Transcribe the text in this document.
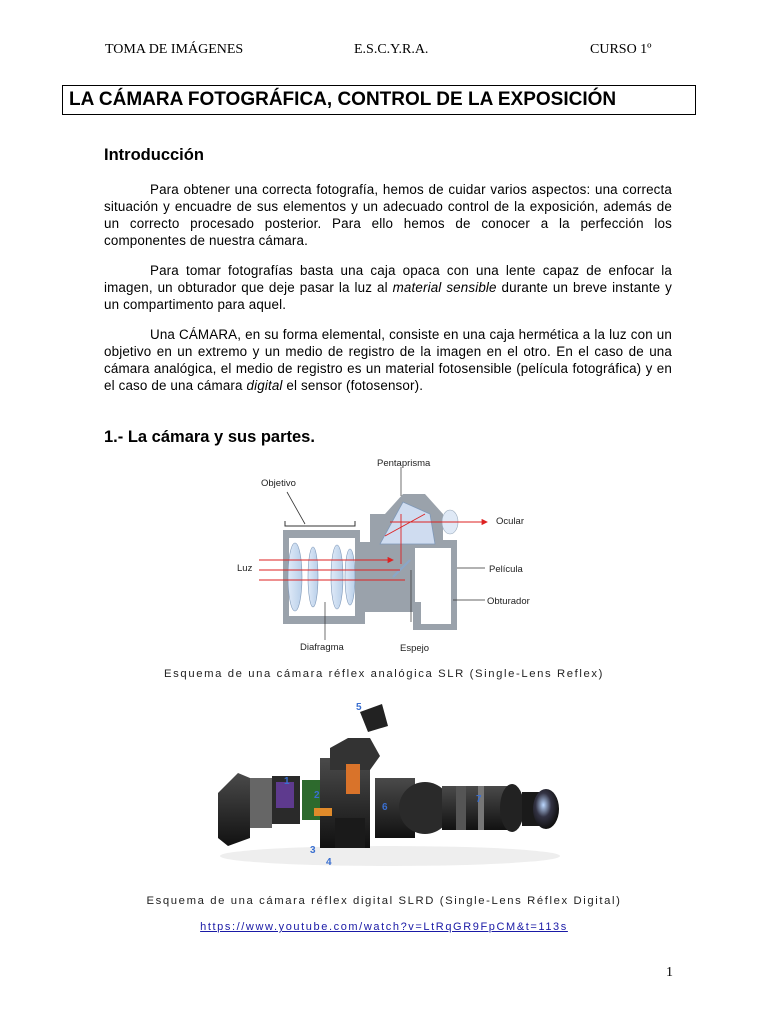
TOMA DE IMÁGENES	E.S.C.Y.R.A.	CURSO 1º
LA CÁMARA FOTOGRÁFICA, CONTROL DE LA EXPOSICIÓN
Introducción
Para obtener una correcta fotografía, hemos de cuidar varios aspectos: una correcta situación y encuadre de sus elementos y un adecuado control de la exposición, además de un correcto procesado posterior. Para ello hemos de conocer a la perfección los componentes de nuestra cámara.
Para tomar fotografías basta una caja opaca con una lente capaz de enfocar la imagen, un obturador que deje pasar la luz al material sensible durante un breve instante y un compartimento para aquel.
Una CÁMARA, en su forma elemental, consiste en una caja hermética a la luz con un objetivo en un extremo y un medio de registro de la imagen en el otro. En el caso de una cámara analógica, el medio de registro es un material fotosensible (película fotográfica) y en el caso de una cámara digital el sensor (fotosensor).
1.- La cámara y sus partes.
Pentaprisma
Objetivo
Ocular
Luz	Película
Obturador
Diafragma	Espejo
Esquema de una cámara réflex analógica SLR (Single-Lens Reflex)
1
2
3
4
5
6
7
Esquema de una cámara réflex digital SLRD (Single-Lens Réflex Digital)
https://www.youtube.com/watch?v=LtRqGR9FpCM&t=113s
1
